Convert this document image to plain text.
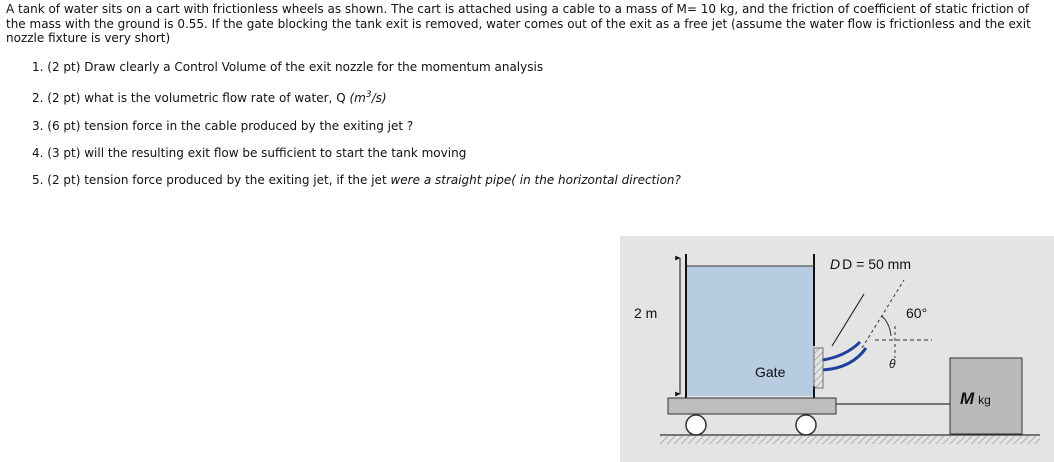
A tank of water sits on a cart with frictionless wheels as shown. The cart is attached using a cable to a mass of M= 10 kg, and the friction of coefficient of static friction of the mass with the ground is 0.55. If the gate blocking the tank exit is removed, water comes out of the exit as a free jet (assume the water flow is frictionless and the exit nozzle fixture is very short)
1. (2 pt) Draw clearly a Control Volume of the exit nozzle for the momentum analysis
2. (2 pt) what is the volumetric flow rate of water, Q $(m^3/s)$
3. (6 pt) tension force in the cable produced by the exiting jet ?
4. (3 pt) will the resulting exit flow be sufficient to start the tank moving
5. (2 pt) tension force produced by the exiting jet, if the jet were a straight pipe( in the horizontal direction?
2 m
Gate
D D = 50 mm
60°
θ
M kg
